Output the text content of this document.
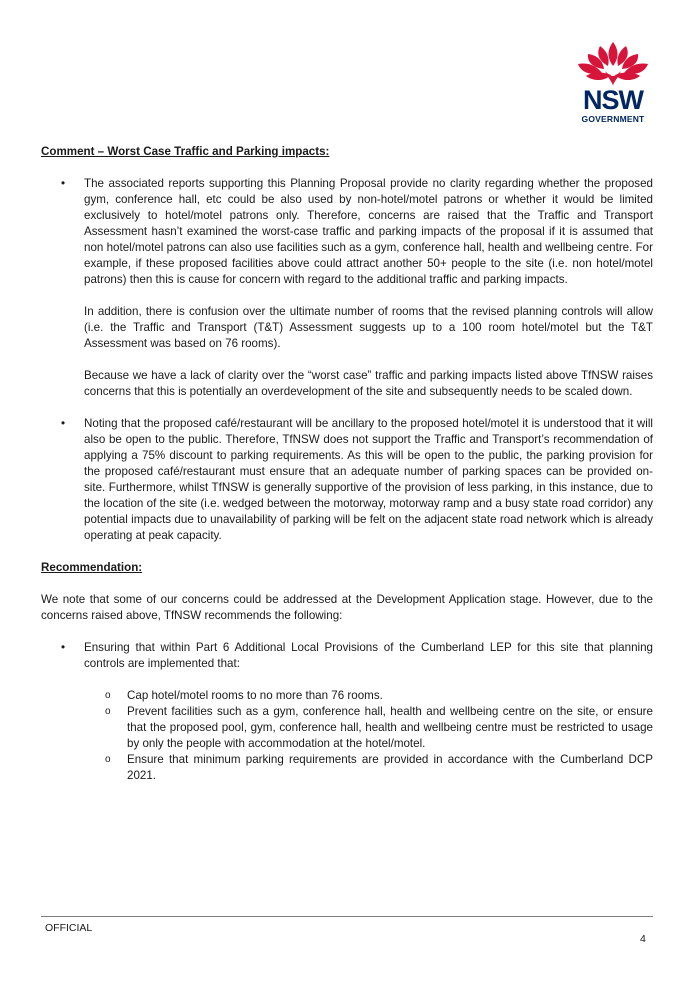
NSW
GOVERNMENT

Comment – Worst Case Traffic and Parking impacts:

• The associated reports supporting this Planning Proposal provide no clarity regarding whether the proposed gym, conference hall, etc could be also used by non-hotel/motel patrons or whether it would be limited exclusively to hotel/motel patrons only. Therefore, concerns are raised that the Traffic and Transport Assessment hasn’t examined the worst-case traffic and parking impacts of the proposal if it is assumed that non hotel/motel patrons can also use facilities such as a gym, conference hall, health and wellbeing centre. For example, if these proposed facilities above could attract another 50+ people to the site (i.e. non hotel/motel patrons) then this is cause for concern with regard to the additional traffic and parking impacts.

In addition, there is confusion over the ultimate number of rooms that the revised planning controls will allow (i.e. the Traffic and Transport (T&T) Assessment suggests up to a 100 room hotel/motel but the T&T Assessment was based on 76 rooms).

Because we have a lack of clarity over the “worst case” traffic and parking impacts listed above TfNSW raises concerns that this is potentially an overdevelopment of the site and subsequently needs to be scaled down.

• Noting that the proposed café/restaurant will be ancillary to the proposed hotel/motel it is understood that it will also be open to the public. Therefore, TfNSW does not support the Traffic and Transport’s recommendation of applying a 75% discount to parking requirements. As this will be open to the public, the parking provision for the proposed café/restaurant must ensure that an adequate number of parking spaces can be provided on-site. Furthermore, whilst TfNSW is generally supportive of the provision of less parking, in this instance, due to the location of the site (i.e. wedged between the motorway, motorway ramp and a busy state road corridor) any potential impacts due to unavailability of parking will be felt on the adjacent state road network which is already operating at peak capacity.

Recommendation:

We note that some of our concerns could be addressed at the Development Application stage. However, due to the concerns raised above, TfNSW recommends the following:

• Ensuring that within Part 6 Additional Local Provisions of the Cumberland LEP for this site that planning controls are implemented that:

o Cap hotel/motel rooms to no more than 76 rooms.
o Prevent facilities such as a gym, conference hall, health and wellbeing centre on the site, or ensure that the proposed pool, gym, conference hall, health and wellbeing centre must be restricted to usage by only the people with accommodation at the hotel/motel.
o Ensure that minimum parking requirements are provided in accordance with the Cumberland DCP 2021.
OFFICIAL
4
